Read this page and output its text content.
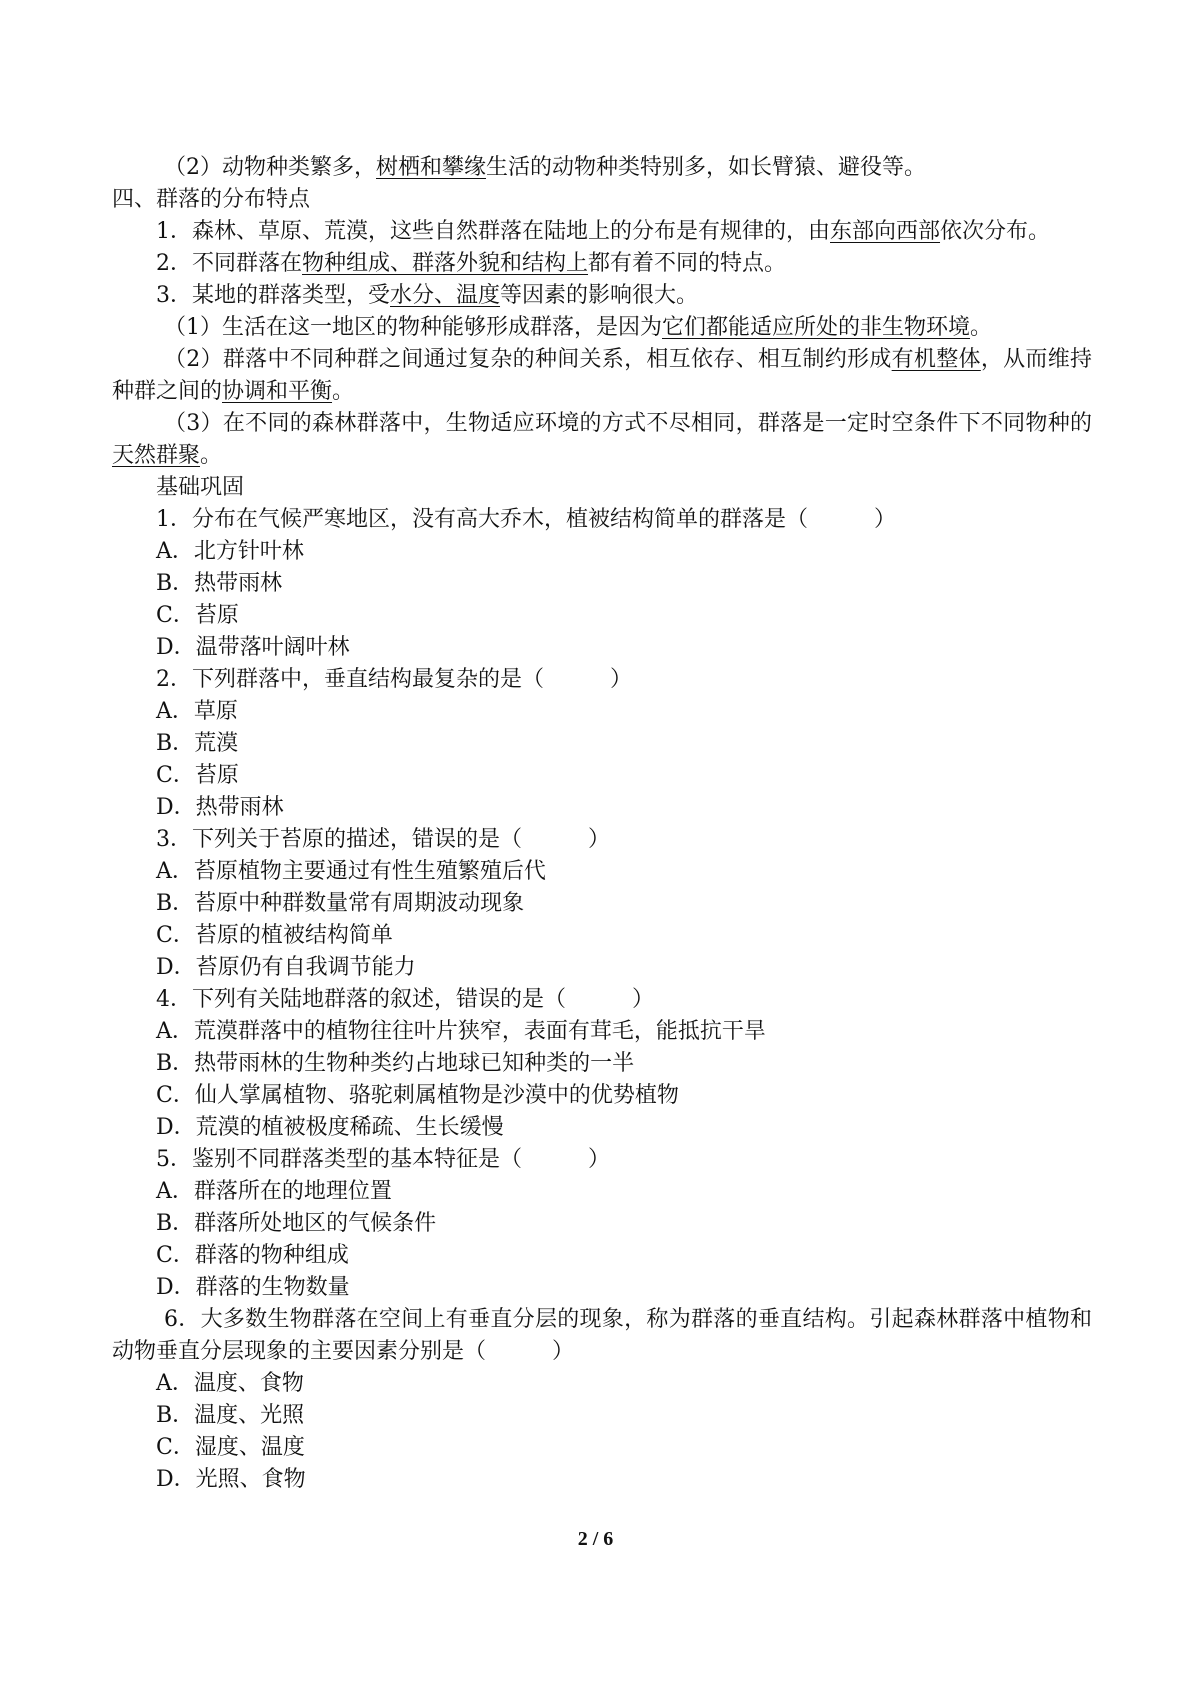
（2）动物种类繁多，树栖和攀缘生活的动物种类特别多，如长臂猿、避役等。
四、群落的分布特点
1．森林、草原、荒漠，这些自然群落在陆地上的分布是有规律的，由东部向西部依次分布。
2．不同群落在物种组成、群落外貌和结构上都有着不同的特点。
3．某地的群落类型，受水分、温度等因素的影响很大。
（1）生活在这一地区的物种能够形成群落，是因为它们都能适应所处的非生物环境。
（2）群落中不同种群之间通过复杂的种间关系，相互依存、相互制约形成有机整体，从而维持种群之间的协调和平衡。
（3）在不同的森林群落中，生物适应环境的方式不尽相同，群落是一定时空条件下不同物种的天然群聚。
基础巩固
1．分布在气候严寒地区，没有高大乔木，植被结构简单的群落是（　　　）
A．北方针叶林
B．热带雨林
C．苔原
D．温带落叶阔叶林
2．下列群落中，垂直结构最复杂的是（　　　）
A．草原
B．荒漠
C．苔原
D．热带雨林
3．下列关于苔原的描述，错误的是（　　　）
A．苔原植物主要通过有性生殖繁殖后代
B．苔原中种群数量常有周期波动现象
C．苔原的植被结构简单
D．苔原仍有自我调节能力
4．下列有关陆地群落的叙述，错误的是（　　　）
A．荒漠群落中的植物往往叶片狭窄，表面有茸毛，能抵抗干旱
B．热带雨林的生物种类约占地球已知种类的一半
C．仙人掌属植物、骆驼刺属植物是沙漠中的优势植物
D．荒漠的植被极度稀疏、生长缓慢
5．鉴别不同群落类型的基本特征是（　　　）
A．群落所在的地理位置
B．群落所处地区的气候条件
C．群落的物种组成
D．群落的生物数量
6．大多数生物群落在空间上有垂直分层的现象，称为群落的垂直结构。引起森林群落中植物和动物垂直分层现象的主要因素分别是（　　　）
A．温度、食物
B．温度、光照
C．湿度、温度
D．光照、食物
2 / 6
